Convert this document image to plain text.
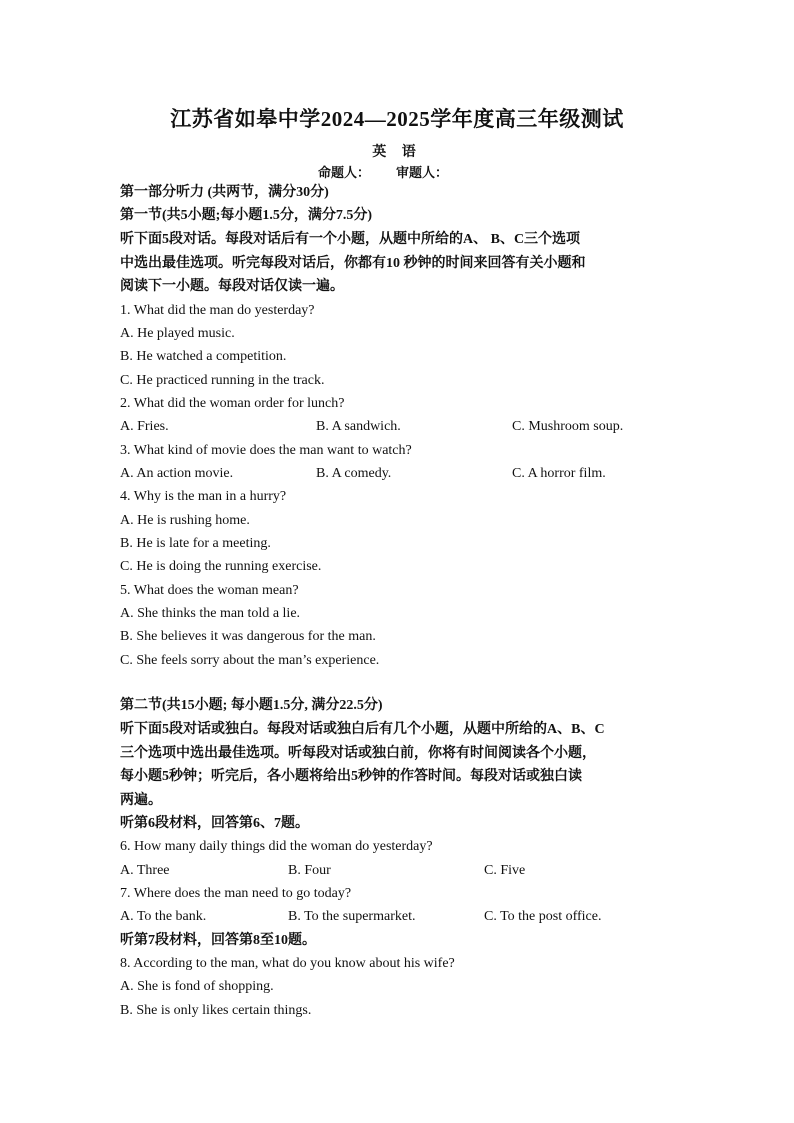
江苏省如皋中学2024—2025学年度高三年级测试
英 语
命题人：        审题人：
第一部分听力 (共两节，满分30分)
第一节(共5小题;每小题1.5分，满分7.5分)
听下面5段对话。每段对话后有一个小题，从题中所给的A、 B、C三个选项
中选出最佳选项。听完每段对话后，你都有10 秒钟的时间来回答有关小题和
阅读下一小题。每段对话仅读一遍。
1. What did the man do yesterday?
A. He played music.
B. He watched a competition.
C. He practiced running in the track.
2. What did the woman order for lunch?
A. Fries.	B. A sandwich.	C. Mushroom soup.
3. What kind of movie does the man want to watch?
A. An action movie.	B. A comedy.	C. A horror film.
4. Why is the man in a hurry?
A. He is rushing home.
B. He is late for a meeting.
C. He is doing the running exercise.
5. What does the woman mean?
A. She thinks the man told a lie.
B. She believes it was dangerous for the man.
C. She feels sorry about the man’s experience.
第二节(共15小题; 每小题1.5分, 满分22.5分)
听下面5段对话或独白。每段对话或独白后有几个小题，从题中所给的A、B、C
三个选项中选出最佳选项。听每段对话或独白前，你将有时间阅读各个小题，
每小题5秒钟；听完后，各小题将给出5秒钟的作答时间。每段对话或独白读
两遍。
听第6段材料，回答第6、7题。
6. How many daily things did the woman do yesterday?
A. Three	B. Four	C. Five
7. Where does the man need to go today?
A. To the bank.	B. To the supermarket.	C. To the post office.
听第7段材料，回答第8至10题。
8. According to the man, what do you know about his wife?
A. She is fond of shopping.
B. She is only likes certain things.
